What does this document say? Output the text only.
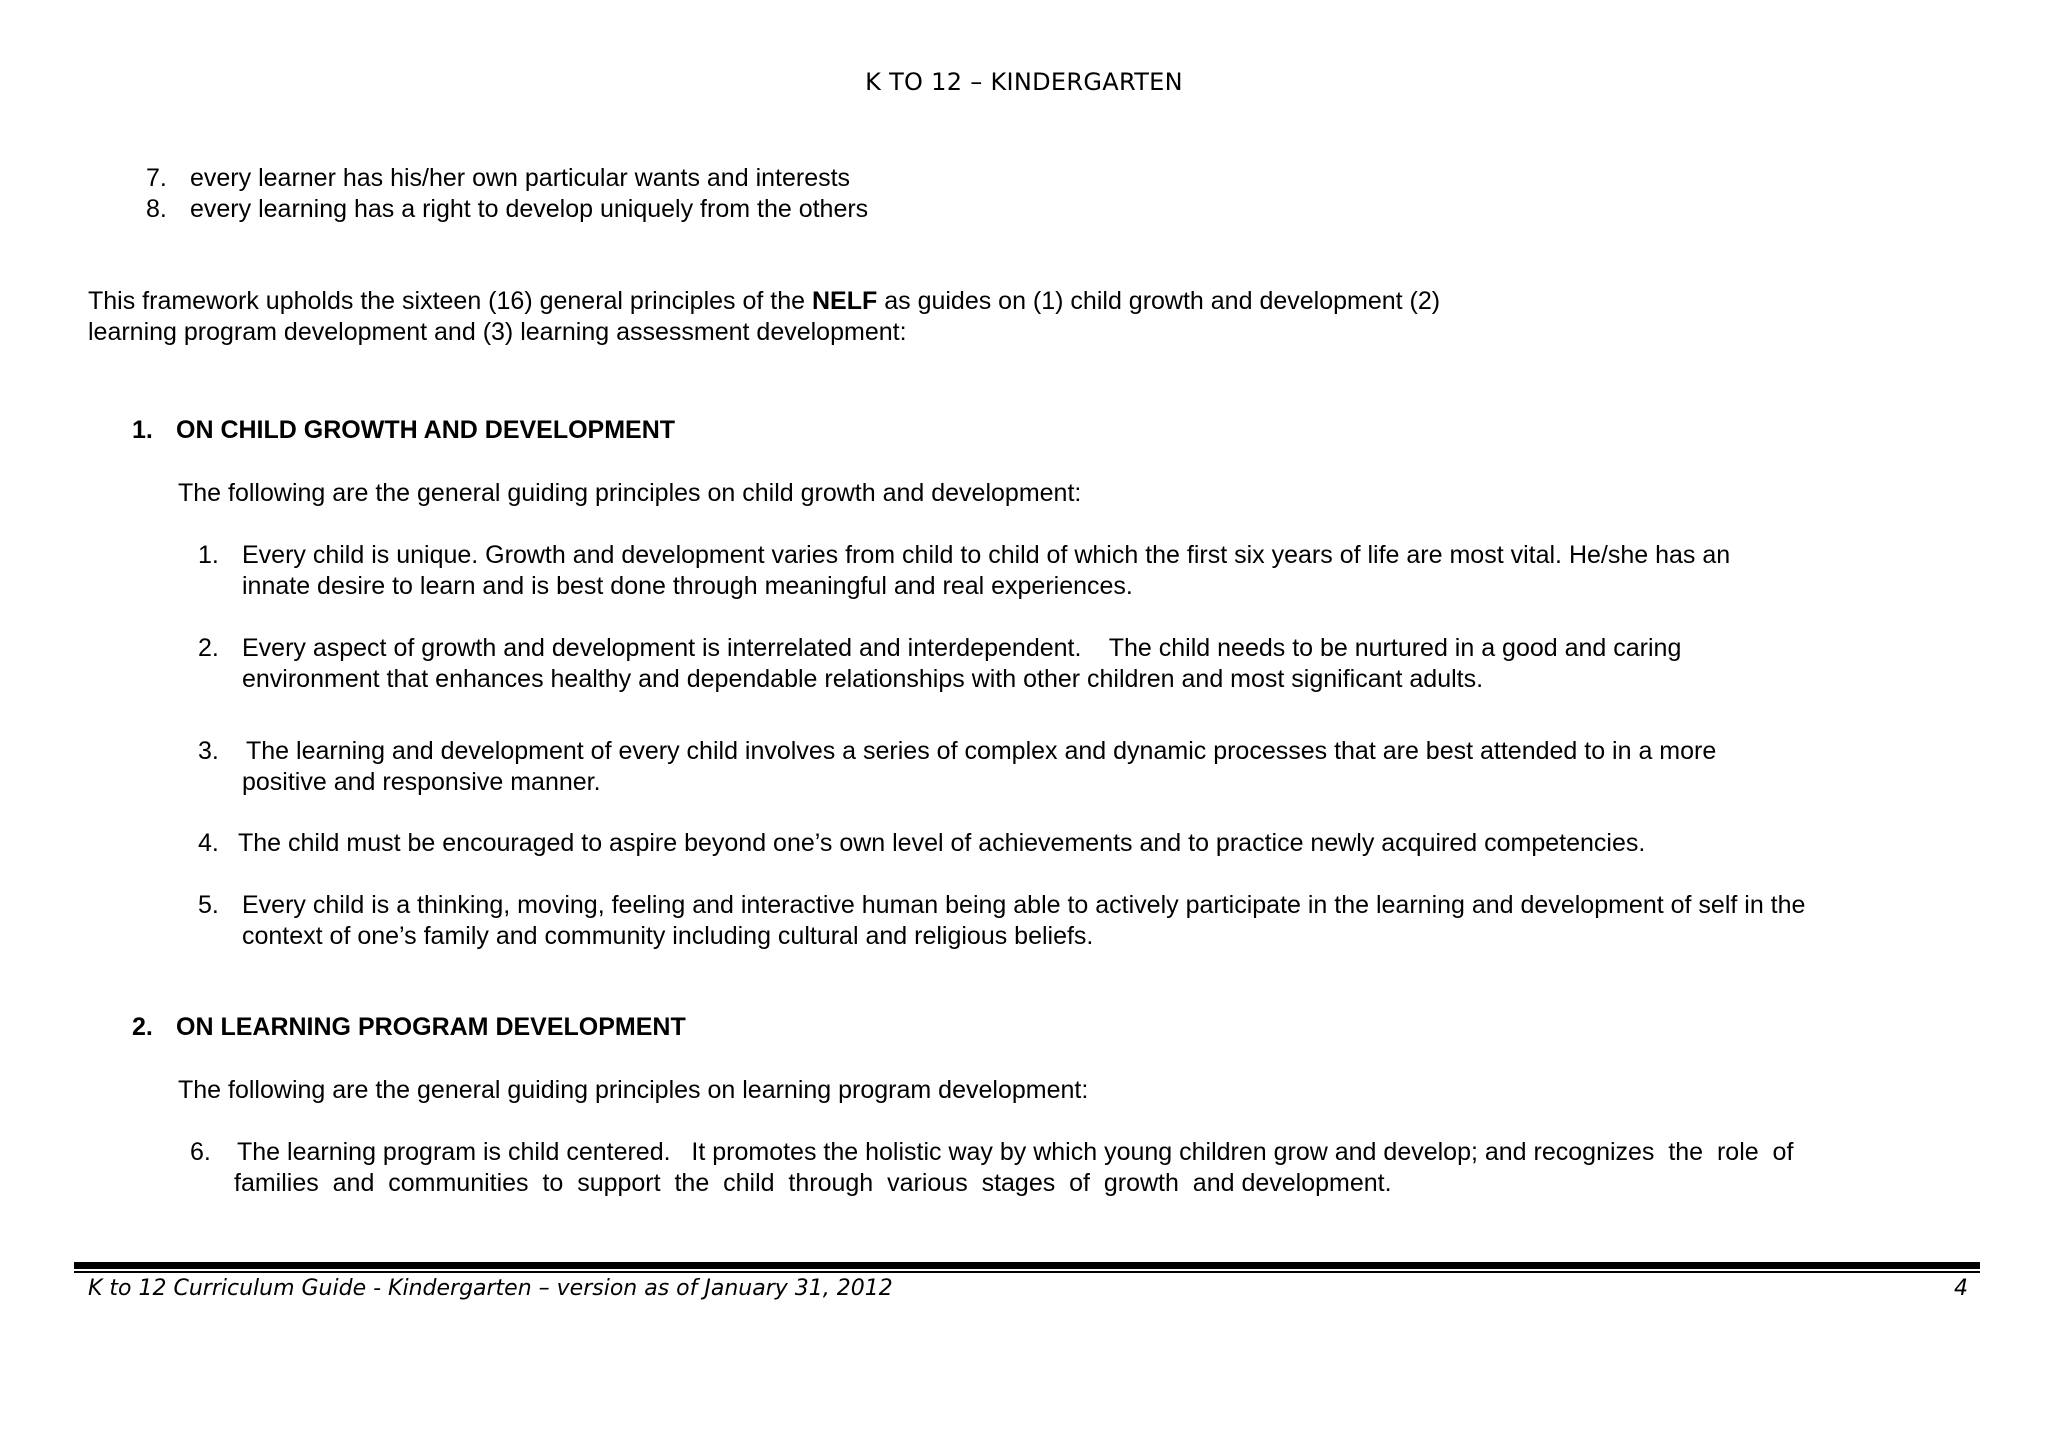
K TO 12 – KINDERGARTEN
7. every learner has his/her own particular wants and interests
8. every learning has a right to develop uniquely from the others
This framework upholds the sixteen (16) general principles of the NELF as guides on (1) child growth and development (2)
learning program development and (3) learning assessment development:
1. ON CHILD GROWTH AND DEVELOPMENT
The following are the general guiding principles on child growth and development:
1. Every child is unique. Growth and development varies from child to child of which the first six years of life are most vital. He/she has an
innate desire to learn and is best done through meaningful and real experiences.
2. Every aspect of growth and development is interrelated and interdependent.    The child needs to be nurtured in a good and caring
environment that enhances healthy and dependable relationships with other children and most significant adults.
3. The learning and development of every child involves a series of complex and dynamic processes that are best attended to in a more
positive and responsive manner.
4. The child must be encouraged to aspire beyond one’s own level of achievements and to practice newly acquired competencies.
5. Every child is a thinking, moving, feeling and interactive human being able to actively participate in the learning and development of self in the
context of one’s family and community including cultural and religious beliefs.
2. ON LEARNING PROGRAM DEVELOPMENT
The following are the general guiding principles on learning program development:
6. The learning program is child centered.   It promotes the holistic way by which young children grow and develop; and recognizes  the  role  of
families  and  communities  to  support  the  child  through  various  stages  of  growth  and development.
K to 12 Curriculum Guide - Kindergarten – version as of January 31, 2012	4
